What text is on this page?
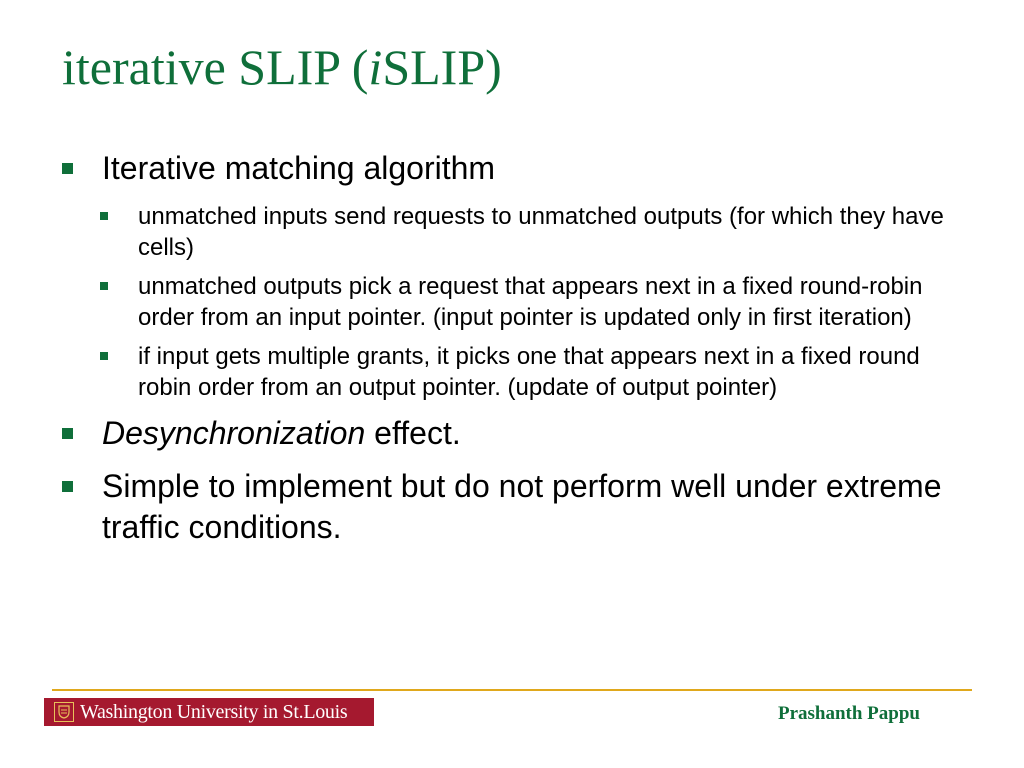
iterative SLIP (iSLIP)
Iterative matching algorithm
unmatched inputs send requests to unmatched outputs (for which they have cells)
unmatched outputs pick a request that appears next in a fixed round-robin order from an input pointer. (input pointer is updated only in first iteration)
if input gets multiple grants, it picks one that appears next in a fixed round robin order from an output pointer. (update of output pointer)
Desynchronization effect.
Simple to implement but do not perform well under extreme traffic conditions.
Washington University in St.Louis	Prashanth Pappu
